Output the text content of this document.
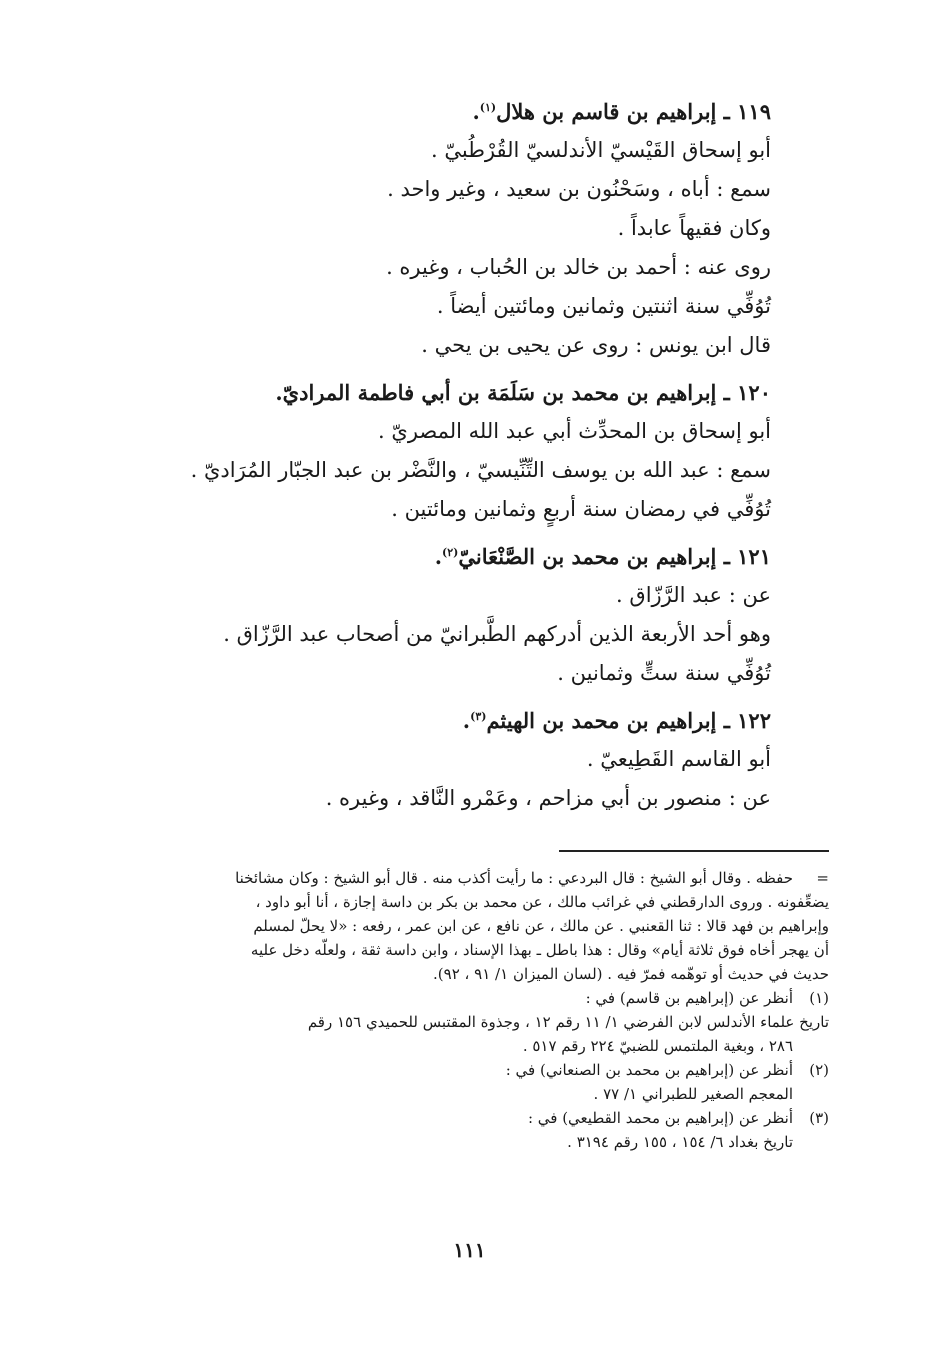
١١٩ ـ إبراهيم بن قاسم بن هلال$^{(١)}$.
أبو إسحاق القَيْسيّ الأندلسيّ القُرْطُبيّ .
سمع : أباه ، وسَحْنُون بن سعيد ، وغير واحد .
وكان فقيهاً عابداً .
روى عنه : أحمد بن خالد بن الحُباب ، وغيره .
تُوُفِّي سنة اثنتين وثمانين ومائتين أيضاً .
قال ابن يونس : روى عن يحيى بن يحي .
١٢٠ ـ إبراهيم بن محمد بن سَلَمَة بن أبي فاطمة المراديّ.
أبو إسحاق بن المحدِّث أبي عبد الله المصريّ .
سمع : عبد الله بن يوسف التِّنِّيسيّ ، والنَّضْر بن عبد الجبّار المُرَاديّ .
تُوُفِّي في رمضان سنة أربعٍ وثمانين ومائتين .
١٢١ ـ إبراهيم بن محمد بن الصَّنْعَانيّ$^{(٢)}$.
عن : عبد الرَّزّاق .
وهو أحد الأربعة الذين أدركهم الطَّبرانيّ من أصحاب عبد الرَّزّاق .
تُوُفِّي سنة ستٍّ وثمانين .
١٢٢ ـ إبراهيم بن محمد بن الهيثم$^{(٣)}$.
أبو القاسم القَطِيعيّ .
عن : منصور بن أبي مزاحم ، وعَمْرو النَّاقد ، وغيره .
=حفظه . وقال أبو الشيخ : قال البردعي : ما رأيت أكذب منه . قال أبو الشيخ : وكان مشائخنا
يضعِّفونه . وروى الدارقطني في غرائب مالك ، عن محمد بن بكر بن داسة إجازة ، أنا أبو داود ،
وإبراهيم بن فهد قالا : ثنا القعنبي . عن مالك ، عن نافع ، عن ابن عمر ، رفعه : «لا يحلّ لمسلم
أن يهجر أخاه فوق ثلاثة أيام» وقال : هذا باطل ـ بهذا الإسناد ، وابن داسة ثقة ، ولعلّه دخل عليه
حديث في حديث أو توهّمه فمرّ فيه . (لسان الميزان ١/ ٩١ ، ٩٢).
(١)أنظر عن (إبراهيم بن قاسم) في :
تاريخ علماء الأندلس لابن الفرضي ١/ ١١ رقم ١٢ ، وجذوة المقتبس للحميدي ١٥٦ رقم
٢٨٦ ، وبغية الملتمس للضبيّ ٢٢٤ رقم ٥١٧ .
(٢)أنظر عن (إبراهيم بن محمد بن الصنعاني) في :
المعجم الصغير للطبراني ١/ ٧٧ .
(٣)أنظر عن (إبراهيم بن محمد القطيعي) في :
تاريخ بغداد ٦/ ١٥٤ ، ١٥٥ رقم ٣١٩٤ .
١١١
